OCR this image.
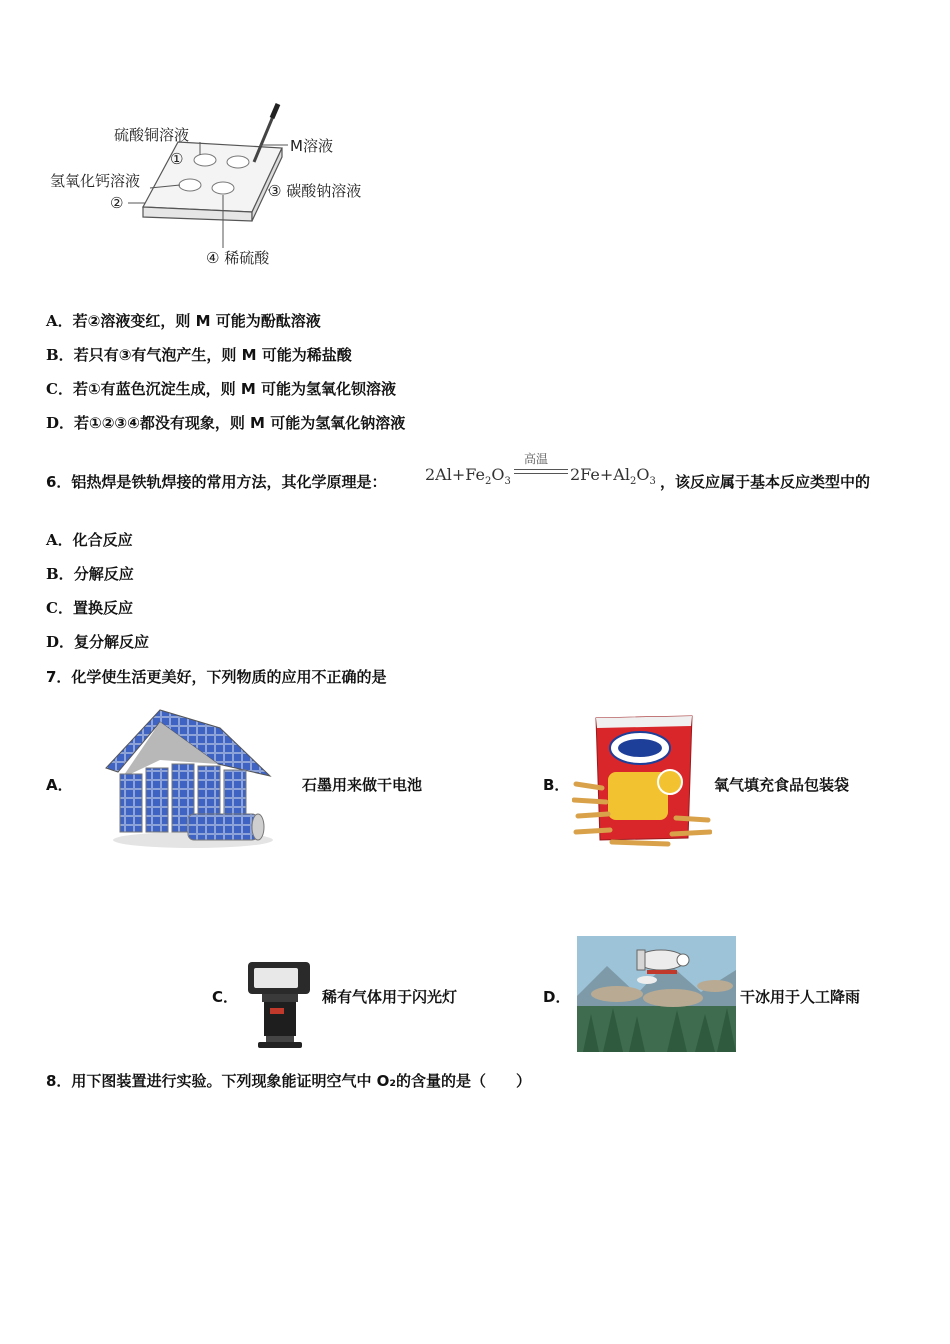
硫酸铜溶液
M溶液
①
氢氧化钙溶液
③ 碳酸钠溶液
②
④ 稀硫酸
A．若②溶液变红，则 M 可能为酚酞溶液
B．若只有③有气泡产生，则 M 可能为稀盐酸
C．若①有蓝色沉淀生成，则 M 可能为氢氧化钡溶液
D．若①②③④都没有现象，则 M 可能为氢氧化钠溶液
6．铝热焊是铁轨焊接的常用方法，其化学原理是： $2Al+Fe_2O_3$
高温
$2Fe+Al_2O_3$ ，该反应属于基本反应类型中的
A．化合反应
B．分解反应
C．置换反应
D．复分解反应
7．化学使生活更美好，下列物质的应用不正确的是
A．	石墨用来做干电池	B．	氧气填充食品包装袋
C．	稀有气体用于闪光灯	D．	干冰用于人工降雨
8．用下图装置进行实验。下列现象能证明空气中 O₂的含量的是（　　）
